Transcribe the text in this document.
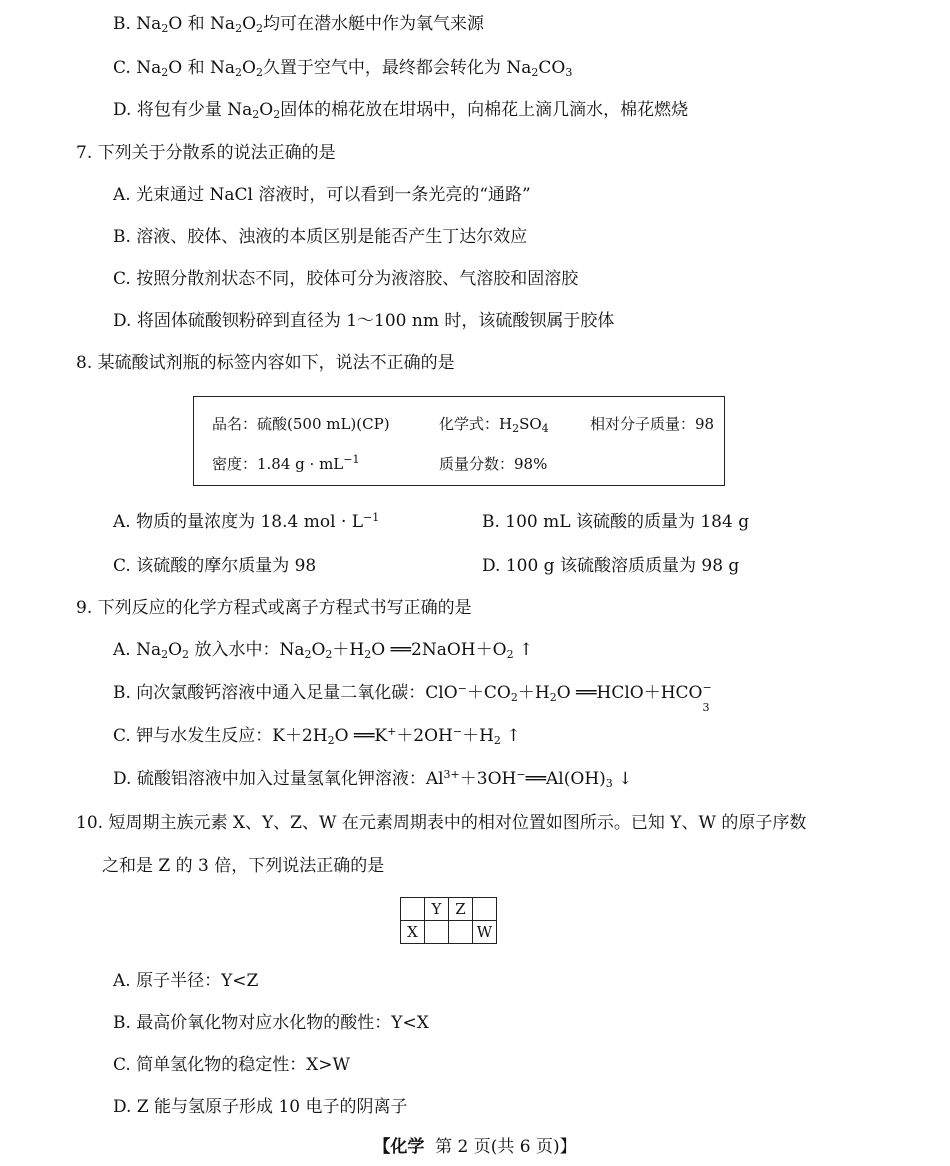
B. $Na_2O$ 和 $Na_2O_2$均可在潜水艇中作为氧气来源
C. $Na_2O$ 和 $Na_2O_2$久置于空气中，最终都会转化为 $Na_2CO_3$
D. 将包有少量 $Na_2O_2$固体的棉花放在坩埚中，向棉花上滴几滴水，棉花燃烧
7. 下列关于分散系的说法正确的是
A. 光束通过 NaCl 溶液时，可以看到一条光亮的“通路”
B. 溶液、胶体、浊液的本质区别是能否产生丁达尔效应
C. 按照分散剂状态不同，胶体可分为液溶胶、气溶胶和固溶胶
D. 将固体硫酸钡粉碎到直径为 1～100 nm 时，该硫酸钡属于胶体
8. 某硫酸试剂瓶的标签内容如下，说法不正确的是
品名：硫酸(500 mL)(CP)	化学式：$H_2SO_4$	相对分子质量：98
密度：1.84 $g \cdot mL^{-1}$	质量分数：98%
A. 物质的量浓度为 18.4 mol · $L^{-1}$	B. 100 mL 该硫酸的质量为 184 g
C. 该硫酸的摩尔质量为 98	D. 100 g 该硫酸溶质质量为 98 g
9. 下列反应的化学方程式或离子方程式书写正确的是
A. $Na_2O_2$ 放入水中：$Na_2O_2+H_2O$ $══2NaOH+O_2$ ↑
B. 向次氯酸钙溶液中通入足量二氧化碳：$ClO^-+CO_2+H_2O$ ══HClO＋HCO −
3
C. 钾与水发生反应：$K+2H_2O$ $══K^++2OH^-+H_2$ ↑
D. 硫酸铝溶液中加入过量氢氧化钾溶液：$Al^{3+}+3OH^-══Al(OH)_3$ ↓
10. 短周期主族元素 X、Y、Z、W 在元素周期表中的相对位置如图所示。已知 Y、W 的原子序数
之和是 Z 的 3 倍，下列说法正确的是
	Y	Z	
X			W
A. 原子半径：Y<Z
B. 最高价氧化物对应水化物的酸性：Y<X
C. 简单氢化物的稳定性：X>W
D. Z 能与氢原子形成 10 电子的阴离子
【化学 第 2 页(共 6 页)】
